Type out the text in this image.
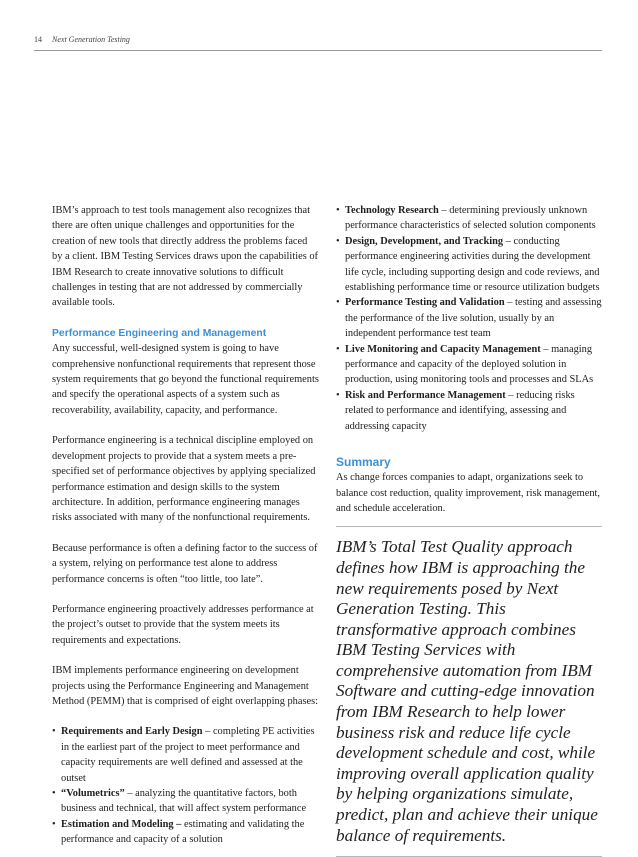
14 Next Generation Testing

IBM’s approach to test tools management also recognizes that there are often unique challenges and opportunities for the creation of new tools that directly address the problems faced by a client. IBM Testing Services draws upon the capabilities of IBM Research to create innovative solutions to difficult challenges in testing that are not addressed by commercially available tools.

Performance Engineering and Management

Any successful, well-designed system is going to have comprehensive nonfunctional requirements that represent those system requirements that go beyond the functional requirements and specify the operational aspects of a system such as recoverability, availability, capacity, and performance.

Performance engineering is a technical discipline employed on development projects to provide that a system meets a pre-specified set of performance objectives by applying specialized performance estimation and design skills to the system architecture. In addition, performance engineering manages risks associated with many of the nonfunctional requirements.

Because performance is often a defining factor to the success of a system, relying on performance test alone to address performance concerns is often “too little, too late”.

Performance engineering proactively addresses performance at the project’s outset to provide that the system meets its requirements and expectations.

IBM implements performance engineering on development projects using the Performance Engineering and Management Method (PEMM) that is comprised of eight overlapping phases:

• Requirements and Early Design – completing PE activities in the earliest part of the project to meet performance and capacity requirements are well defined and assessed at the outset
• “Volumetrics” – analyzing the quantitative factors, both business and technical, that will affect system performance
• Estimation and Modeling – estimating and validating the performance and capacity of a solution
• Technology Research – determining previously unknown performance characteristics of selected solution components
• Design, Development, and Tracking – conducting performance engineering activities during the development life cycle, including supporting design and code reviews, and establishing performance time or resource utilization budgets
• Performance Testing and Validation – testing and assessing the performance of the live solution, usually by an independent performance test team
• Live Monitoring and Capacity Management – managing performance and capacity of the deployed solution in production, using monitoring tools and processes and SLAs
• Risk and Performance Management – reducing risks related to performance and identifying, assessing and addressing capacity
Summary

As change forces companies to adapt, organizations seek to balance cost reduction, quality improvement, risk management, and schedule acceleration.

IBM’s Total Test Quality approach defines how IBM is approaching the new requirements posed by Next Generation Testing. This transformative approach combines IBM Testing Services with comprehensive automation from IBM Software and cutting-edge innovation from IBM Research to help lower business risk and reduce life cycle development schedule and cost, while improving overall application quality by helping organizations simulate, predict, plan and achieve their unique balance of requirements.
